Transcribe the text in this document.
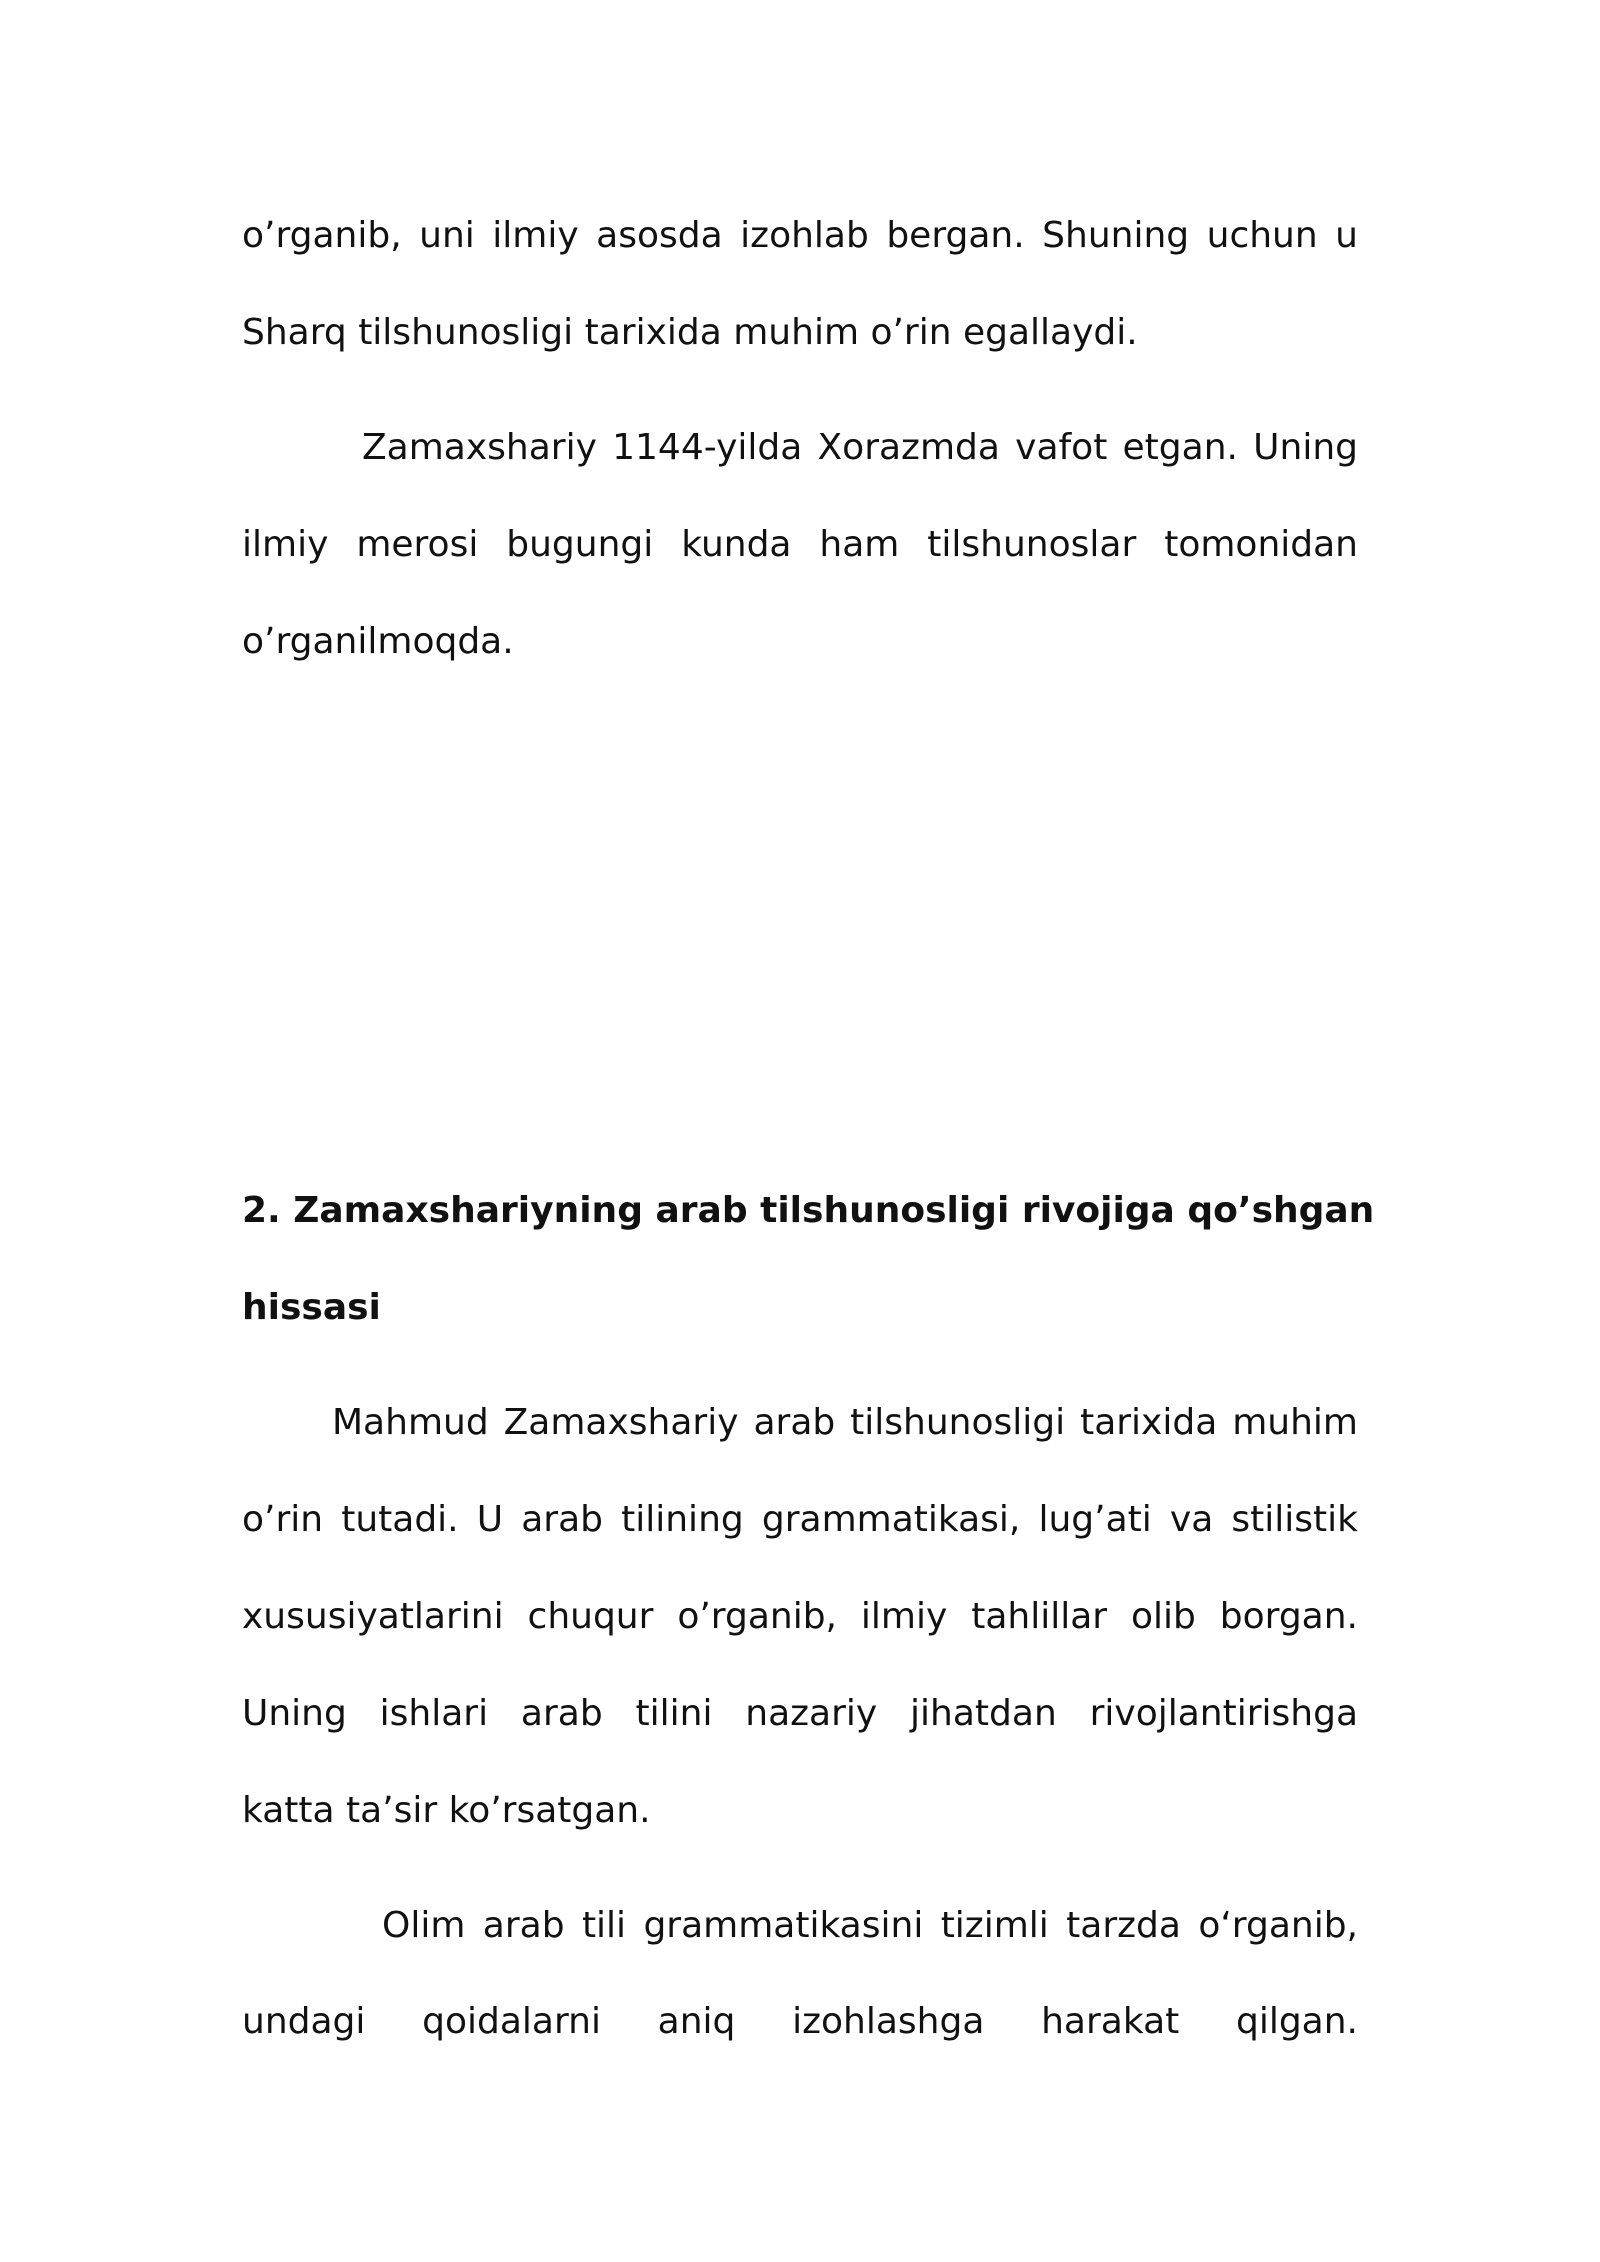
o’rganib, uni ilmiy asosda izohlab bergan. Shuning uchun u
Sharq tilshunosligi tarixida muhim o’rin egallaydi.
Zamaxshariy 1144-yilda Xorazmda vafot etgan. Uning
ilmiy merosi bugungi kunda ham tilshunoslar tomonidan
o’rganilmoqda.
2. Zamaxshariyning arab tilshunosligi rivojiga qo’shgan
hissasi
Mahmud Zamaxshariy arab tilshunosligi tarixida muhim
o’rin tutadi. U arab tilining grammatikasi, lug’ati va stilistik
xususiyatlarini chuqur o’rganib, ilmiy tahlillar olib borgan.
Uning ishlari arab tilini nazariy jihatdan rivojlantirishga
katta ta’sir ko’rsatgan.
Olim arab tili grammatikasini tizimli tarzda o‘rganib,
undagi qoidalarni aniq izohlashga harakat qilgan.
